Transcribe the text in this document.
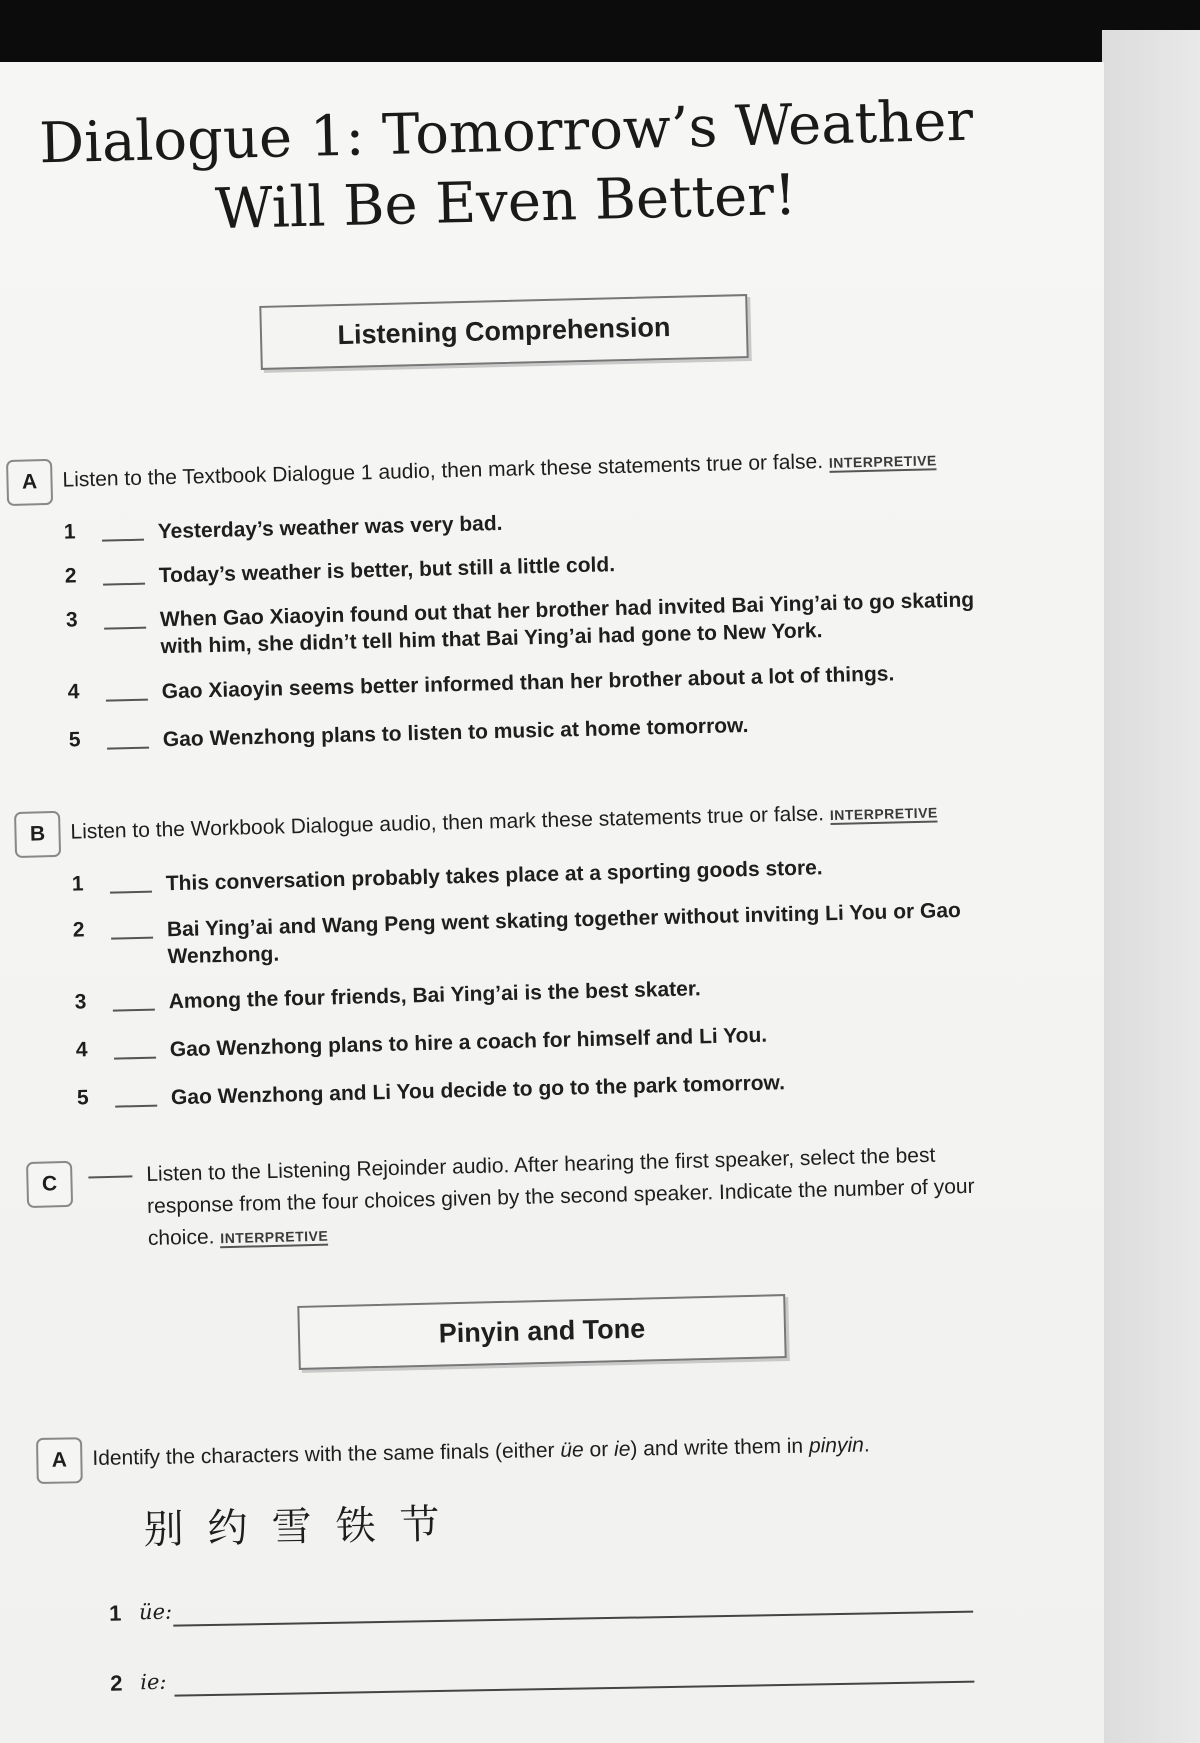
Dialogue 1: Tomorrow’s Weather
Will Be Even Better!
Listening Comprehension
A	Listen to the Textbook Dialogue 1 audio, then mark these statements true or false. INTERPRETIVE
1	Yesterday’s weather was very bad.
2	Today’s weather is better, but still a little cold.
3	When Gao Xiaoyin found out that her brother had invited Bai Ying’ai to go skating with him, she didn’t tell him that Bai Ying’ai had gone to New York.
4	Gao Xiaoyin seems better informed than her brother about a lot of things.
5	Gao Wenzhong plans to listen to music at home tomorrow.
B	Listen to the Workbook Dialogue audio, then mark these statements true or false. INTERPRETIVE
1	This conversation probably takes place at a sporting goods store.
2	Bai Ying’ai and Wang Peng went skating together without inviting Li You or Gao Wenzhong.
3	Among the four friends, Bai Ying’ai is the best skater.
4	Gao Wenzhong plans to hire a coach for himself and Li You.
5	Gao Wenzhong and Li You decide to go to the park tomorrow.
C	Listen to the Listening Rejoinder audio. After hearing the first speaker, select the best response from the four choices given by the second speaker. Indicate the number of your choice. INTERPRETIVE
Pinyin and Tone
A	Identify the characters with the same finals (either üe or ie) and write them in pinyin.
别约雪铁节
1 üe:
2 ie:
